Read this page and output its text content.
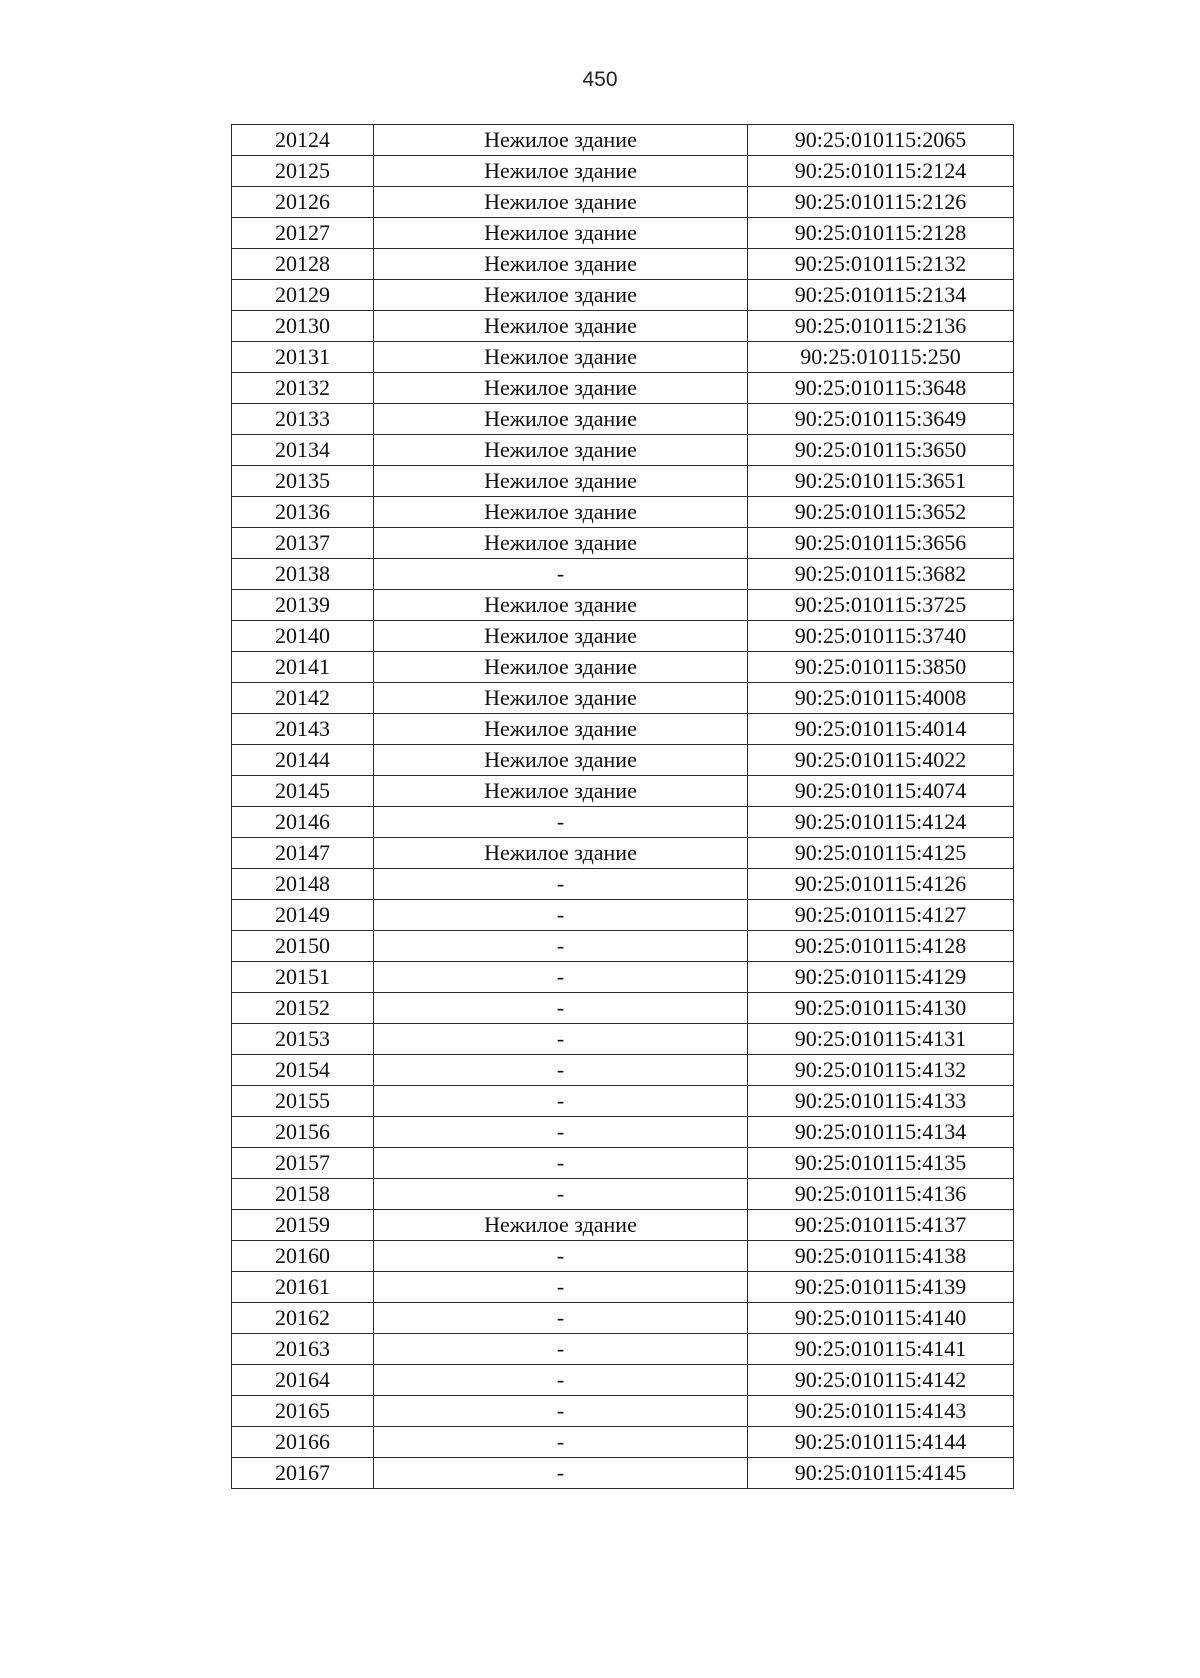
450
20124	Нежилое здание	90:25:010115:2065
20125	Нежилое здание	90:25:010115:2124
20126	Нежилое здание	90:25:010115:2126
20127	Нежилое здание	90:25:010115:2128
20128	Нежилое здание	90:25:010115:2132
20129	Нежилое здание	90:25:010115:2134
20130	Нежилое здание	90:25:010115:2136
20131	Нежилое здание	90:25:010115:250
20132	Нежилое здание	90:25:010115:3648
20133	Нежилое здание	90:25:010115:3649
20134	Нежилое здание	90:25:010115:3650
20135	Нежилое здание	90:25:010115:3651
20136	Нежилое здание	90:25:010115:3652
20137	Нежилое здание	90:25:010115:3656
20138	-	90:25:010115:3682
20139	Нежилое здание	90:25:010115:3725
20140	Нежилое здание	90:25:010115:3740
20141	Нежилое здание	90:25:010115:3850
20142	Нежилое здание	90:25:010115:4008
20143	Нежилое здание	90:25:010115:4014
20144	Нежилое здание	90:25:010115:4022
20145	Нежилое здание	90:25:010115:4074
20146	-	90:25:010115:4124
20147	Нежилое здание	90:25:010115:4125
20148	-	90:25:010115:4126
20149	-	90:25:010115:4127
20150	-	90:25:010115:4128
20151	-	90:25:010115:4129
20152	-	90:25:010115:4130
20153	-	90:25:010115:4131
20154	-	90:25:010115:4132
20155	-	90:25:010115:4133
20156	-	90:25:010115:4134
20157	-	90:25:010115:4135
20158	-	90:25:010115:4136
20159	Нежилое здание	90:25:010115:4137
20160	-	90:25:010115:4138
20161	-	90:25:010115:4139
20162	-	90:25:010115:4140
20163	-	90:25:010115:4141
20164	-	90:25:010115:4142
20165	-	90:25:010115:4143
20166	-	90:25:010115:4144
20167	-	90:25:010115:4145
